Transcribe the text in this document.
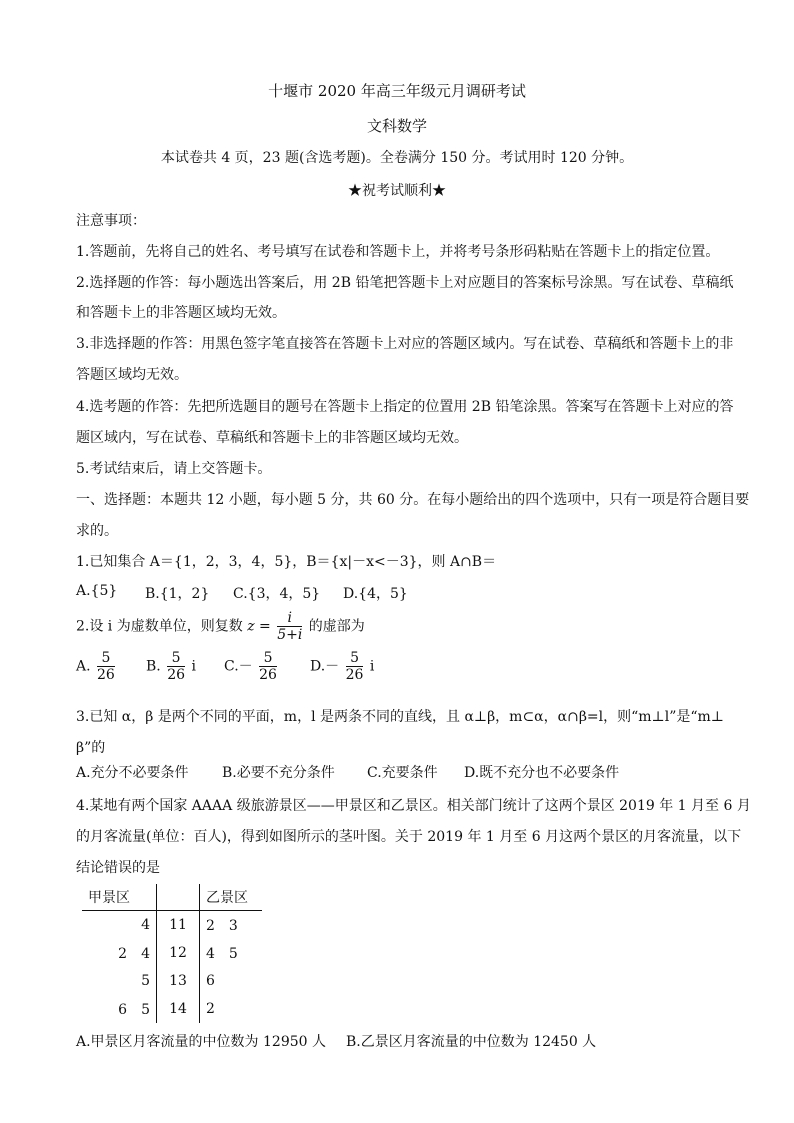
十堰市 2020 年高三年级元月调研考试
文科数学
本试卷共 4 页，23 题(含选考题)。全卷满分 150 分。考试用时 120 分钟。
★祝考试顺利★
注意事项：
1.答题前，先将自己的姓名、考号填写在试卷和答题卡上，并将考号条形码粘贴在答题卡上的指定位置。
2.选择题的作答：每小题选出答案后，用 2B 铅笔把答题卡上对应题目的答案标号涂黑。写在试卷、草稿纸
和答题卡上的非答题区域均无效。
3.非选择题的作答：用黑色签字笔直接答在答题卡上对应的答题区域内。写在试卷、草稿纸和答题卡上的非
答题区域均无效。
4.选考题的作答：先把所选题目的题号在答题卡上指定的位置用 2B 铅笔涂黑。答案写在答题卡上对应的答
题区域内，写在试卷、草稿纸和答题卡上的非答题区域均无效。
5.考试结束后，请上交答题卡。
一、选择题：本题共 12 小题，每小题 5 分，共 60 分。在每小题给出的四个选项中，只有一项是符合题目要
求的。
1.已知集合 A＝{1，2，3，4，5}，B＝{x|－x<－3}，则 A∩B＝
A.{5} B.{1，2} C.{3，4，5} D.{4，5}
2.设 i 为虚数单位，则复数 $z = \frac{i}{5+i}$ 的虚部为
A. $\frac{5}{26} B$. $\frac{5}{26}$ i $C.- \frac{5}{26} D.- \frac{5}{26}$ i
3.已知 α，β 是两个不同的平面，m，l 是两条不同的直线，且 α⊥β，m⊂α，α∩β=l，则“m⊥l”是“m⊥
β”的
A.充分不必要条件 B.必要不充分条件 C.充要条件 D.既不充分也不必要条件
4.某地有两个国家 AAAA 级旅游景区——甲景区和乙景区。相关部门统计了这两个景区 2019 年 1 月至 6 月
的月客流量(单位：百人)，得到如图所示的茎叶图。关于 2019 年 1 月至 6 月这两个景区的月客流量，以下
结论错误的是
甲景区		乙景区
4	11	2　3
2　4	12	4　5
5	13	6
6　5	14	2
A.甲景区月客流量的中位数为 12950 人 B.乙景区月客流量的中位数为 12450 人
